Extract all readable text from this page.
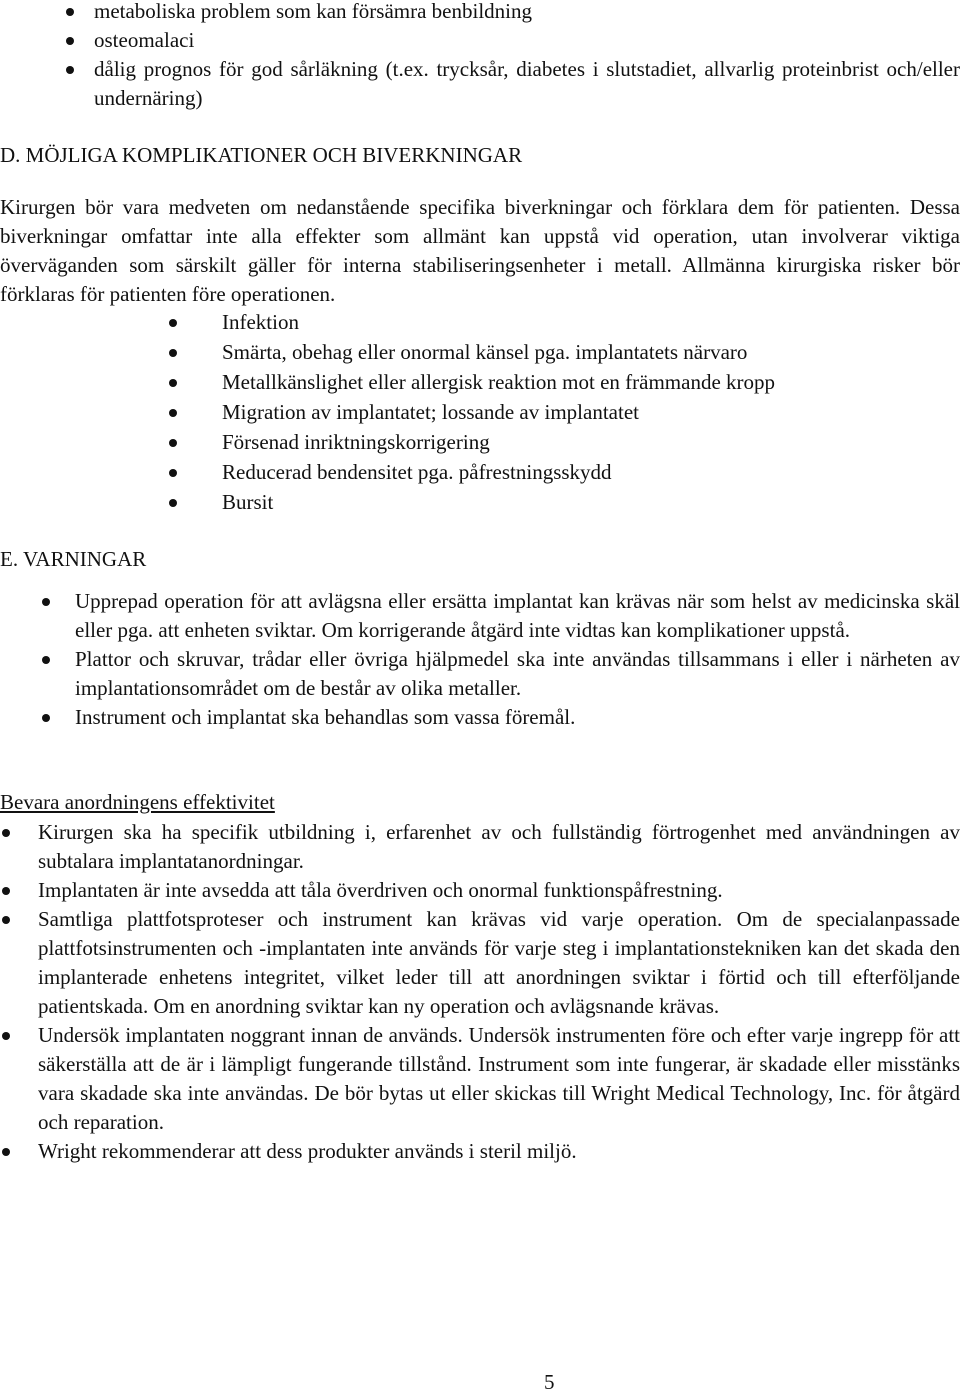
metaboliska problem som kan försämra benbildning
osteomalaci
dålig prognos för god sårläkning (t.ex. trycksår, diabetes i slutstadiet, allvarlig proteinbrist och/eller undernäring)
D. MÖJLIGA KOMPLIKATIONER OCH BIVERKNINGAR

Kirurgen bör vara medveten om nedanstående specifika biverkningar och förklara dem för patienten. Dessa biverkningar omfattar inte alla effekter som allmänt kan uppstå vid operation, utan involverar viktiga överväganden som särskilt gäller för interna stabiliseringsenheter i metall. Allmänna kirurgiska risker bör förklaras för patienten före operationen.

Infektion
Smärta, obehag eller onormal känsel pga. implantatets närvaro
Metallkänslighet eller allergisk reaktion mot en främmande kropp
Migration av implantatet; lossande av implantatet
Försenad inriktningskorrigering
Reducerad bendensitet pga. påfrestningsskydd
Bursit
E. VARNINGAR
Upprepad operation för att avlägsna eller ersätta implantat kan krävas när som helst av medicinska skäl eller pga. att enheten sviktar. Om korrigerande åtgärd inte vidtas kan komplikationer uppstå.
Plattor och skruvar, trådar eller övriga hjälpmedel ska inte användas tillsammans i eller i närheten av implantationsområdet om de består av olika metaller.
Instrument och implantat ska behandlas som vassa föremål.
Bevara anordningens effektivitet
Kirurgen ska ha specifik utbildning i, erfarenhet av och fullständig förtrogenhet med användningen av subtalara implantatanordningar.
Implantaten är inte avsedda att tåla överdriven och onormal funktionspåfrestning.
Samtliga plattfotsproteser och instrument kan krävas vid varje operation. Om de specialanpassade plattfotsinstrumenten och -implantaten inte används för varje steg i implantationstekniken kan det skada den implanterade enhetens integritet, vilket leder till att anordningen sviktar i förtid och till efterföljande patientskada. Om en anordning sviktar kan ny operation och avlägsnande krävas.
Undersök implantaten noggrant innan de används. Undersök instrumenten före och efter varje ingrepp för att säkerställa att de är i lämpligt fungerande tillstånd. Instrument som inte fungerar, är skadade eller misstänks vara skadade ska inte användas. De bör bytas ut eller skickas till Wright Medical Technology, Inc. för åtgärd och reparation.
Wright rekommenderar att dess produkter används i steril miljö.
5
